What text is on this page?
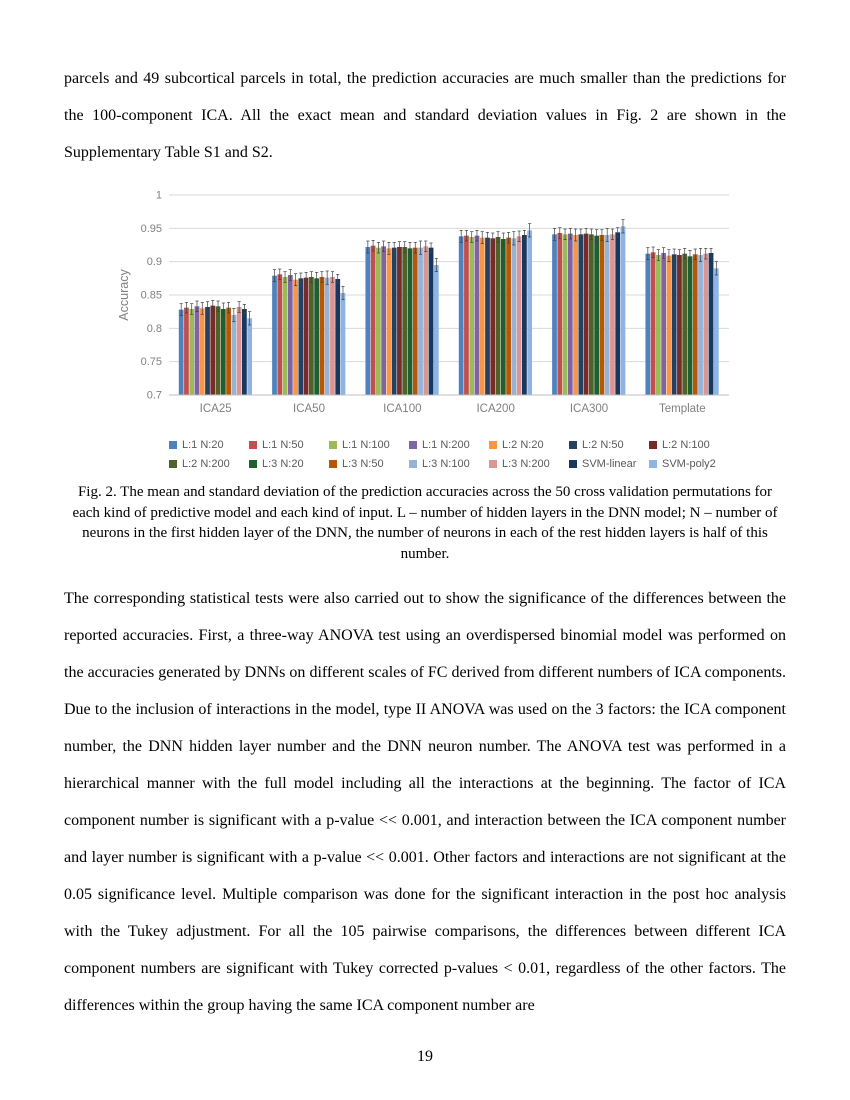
parcels and 49 subcortical parcels in total, the prediction accuracies are much smaller than the predictions for the 100-component ICA. All the exact mean and standard deviation values in Fig. 2 are shown in the Supplementary Table S1 and S2.

0.7
0.75
0.8
0.85
0.9
0.95
1
Accuracy
ICA25	ICA50	ICA100	ICA200	ICA300	Template
L:1 N:20	L:1 N:50	L:1 N:100	L:1 N:200	L:2 N:20	L:2 N:50	L:2 N:100
L:2 N:200	L:3 N:20	L:3 N:50	L:3 N:100	L:3 N:200	SVM-linear SVM-poly2
Fig. 2. The mean and standard deviation of the prediction accuracies across the 50 cross validation permutations for each kind of predictive model and each kind of input. L – number of hidden layers in the DNN model; N – number of neurons in the first hidden layer of the DNN, the number of neurons in each of the rest hidden layers is half of this number.

The corresponding statistical tests were also carried out to show the significance of the differences between the reported accuracies. First, a three-way ANOVA test using an overdispersed binomial model was performed on the accuracies generated by DNNs on different scales of FC derived from different numbers of ICA components. Due to the inclusion of interactions in the model, type II ANOVA was used on the 3 factors: the ICA component number, the DNN hidden layer number and the DNN neuron number. The ANOVA test was performed in a hierarchical manner with the full model including all the interactions at the beginning. The factor of ICA component number is significant with a p-value << 0.001, and interaction between the ICA component number and layer number is significant with a p-value << 0.001. Other factors and interactions are not significant at the 0.05 significance level. Multiple comparison was done for the significant interaction in the post hoc analysis with the Tukey adjustment. For all the 105 pairwise comparisons, the differences between different ICA component numbers are significant with Tukey corrected p-values < 0.01, regardless of the other factors. The differences within the group having the same ICA component number are

19
